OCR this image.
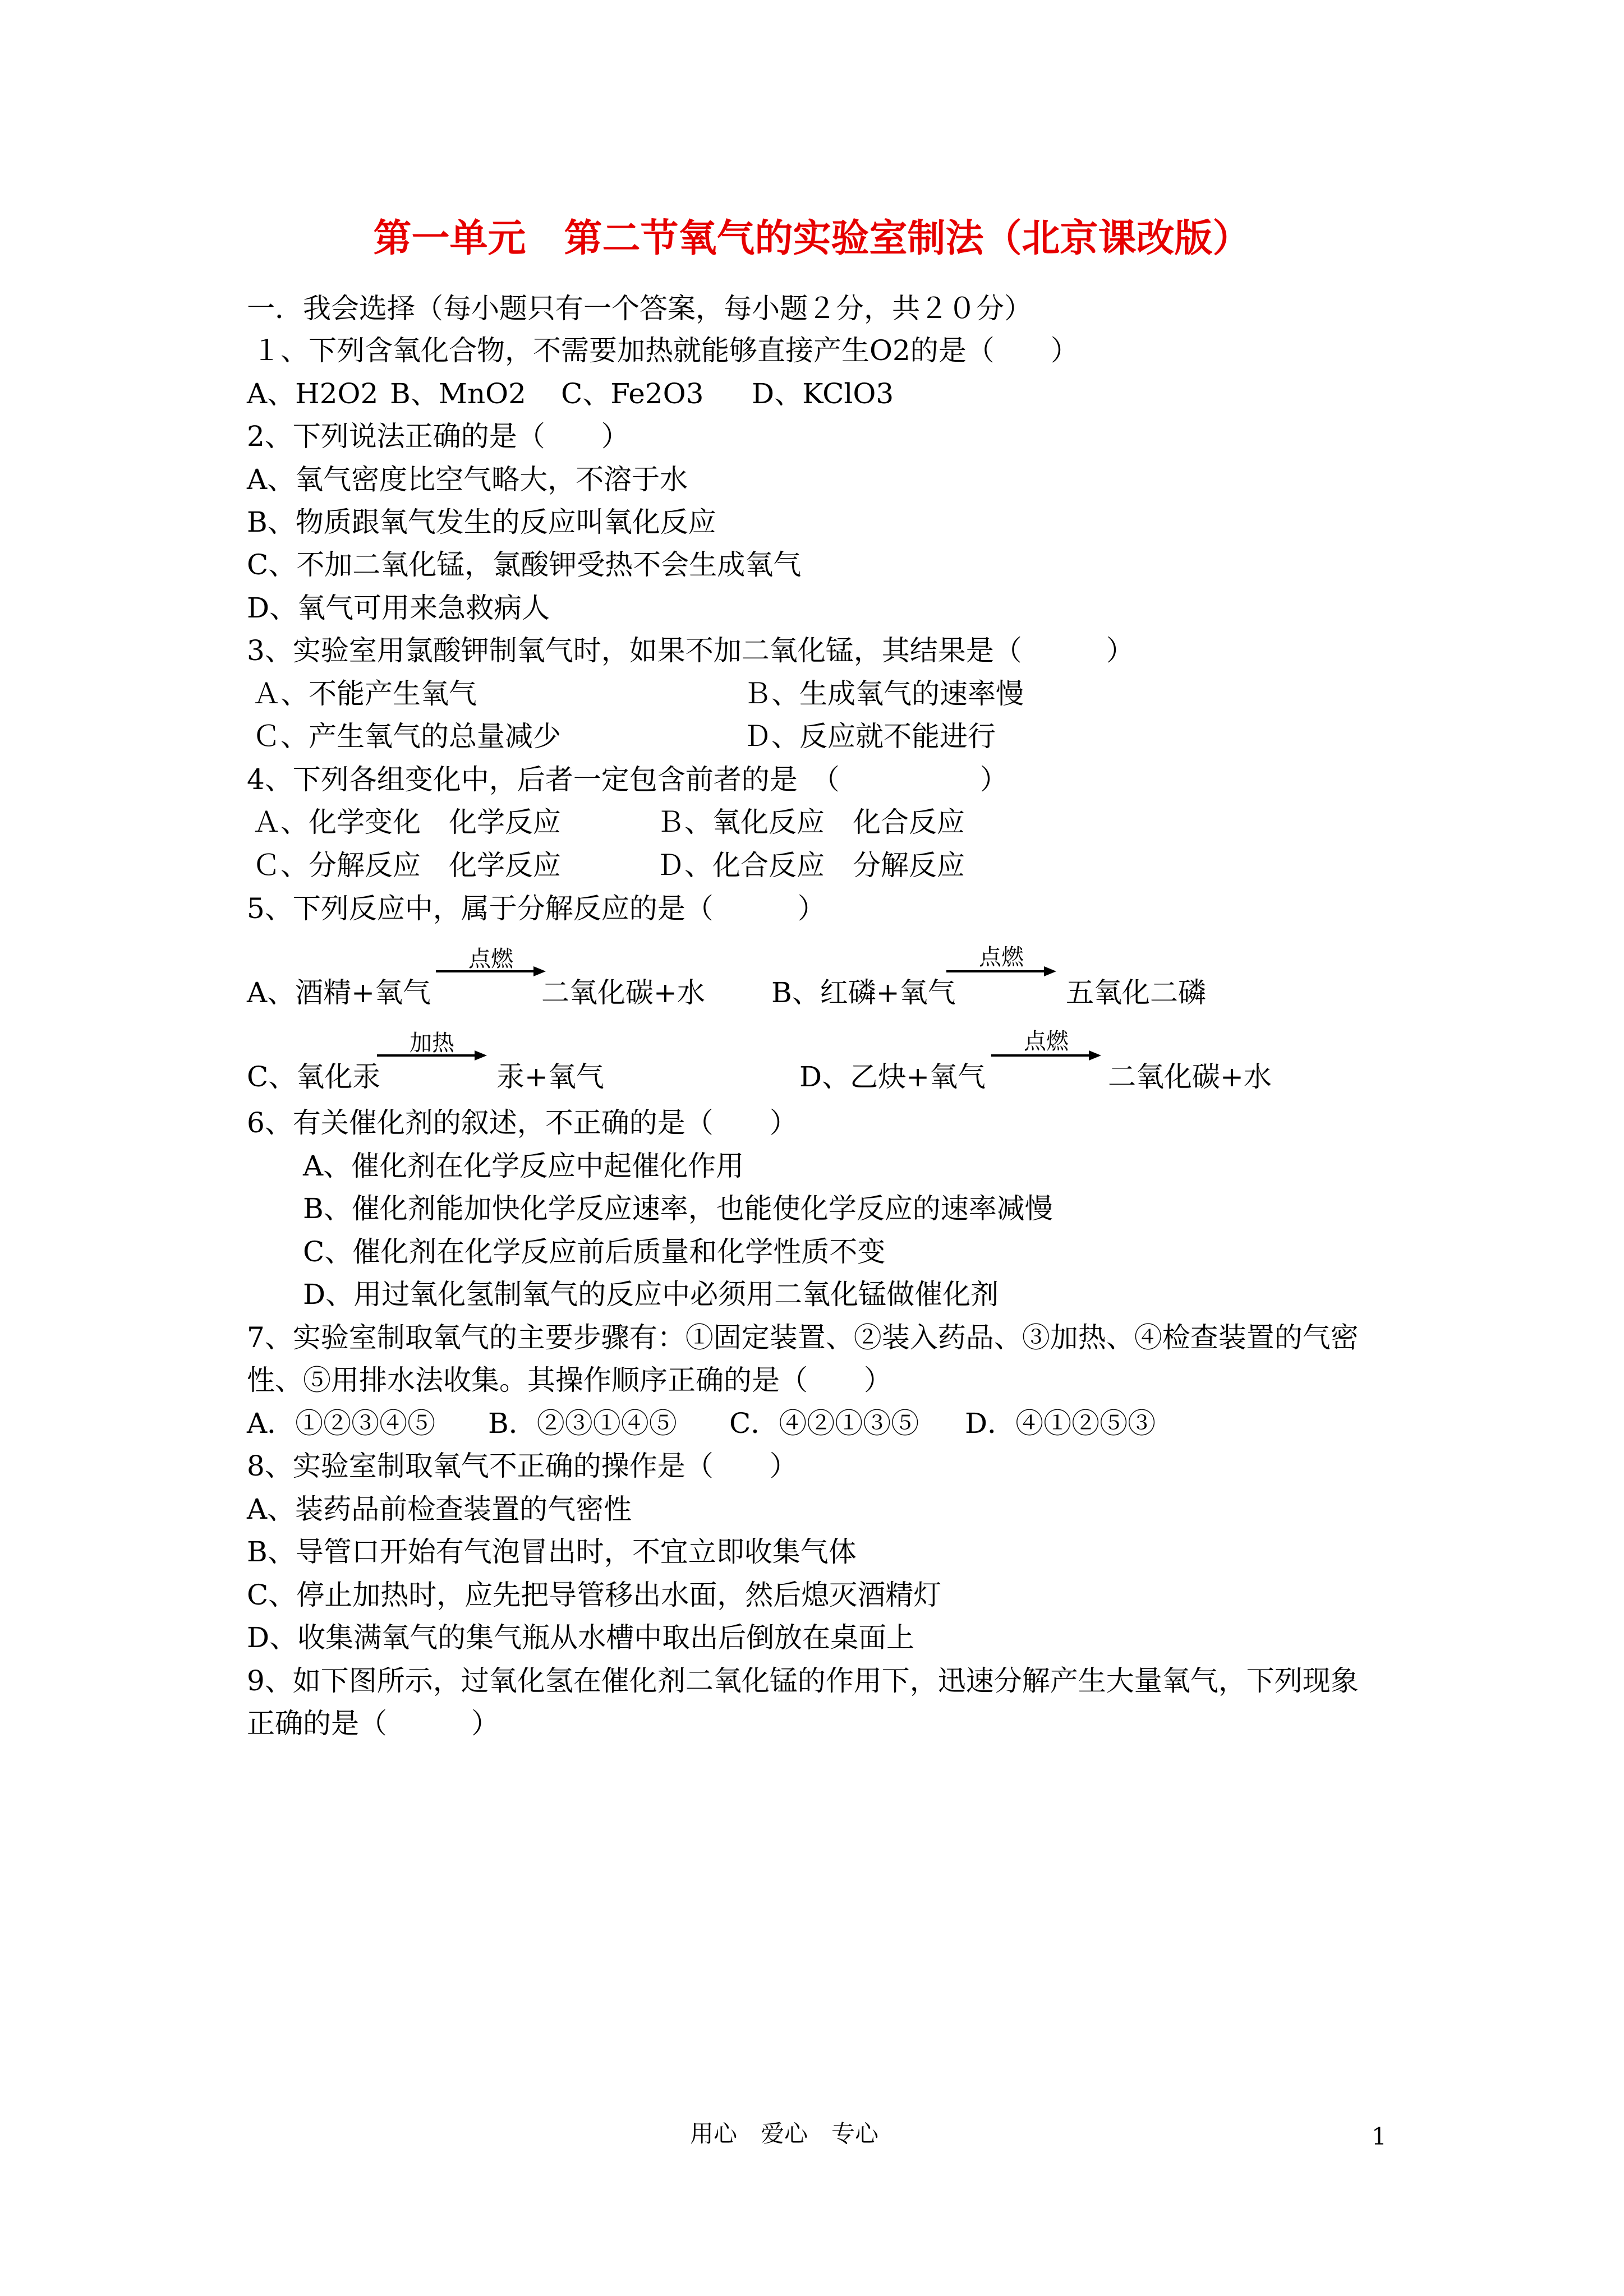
第一单元　第二节氧气的实验室制法（北京课改版）
一．我会选择（每小题只有一个答案，每小题２分，共２０分）
１、下列含氧化合物，不需要加热就能够直接产生O2的是（　　）
A、H2O2 B、MnO2 C、Fe2O3 D、KClO3
2、下列说法正确的是（　　）
A、氧气密度比空气略大，不溶于水
B、物质跟氧气发生的反应叫氧化反应
C、不加二氧化锰，氯酸钾受热不会生成氧气
D、氧气可用来急救病人
3、实验室用氯酸钾制氧气时，如果不加二氧化锰，其结果是（　　　）
Ａ、不能产生氧气	Ｂ、生成氧气的速率慢
Ｃ、产生氧气的总量减少	Ｄ、反应就不能进行
4、下列各组变化中，后者一定包含前者的是　（　　　　　）
Ａ、化学变化　化学反应	Ｂ、氧化反应　化合反应
Ｃ、分解反应　化学反应	Ｄ、化合反应　分解反应
5、下列反应中，属于分解反应的是（　　　）
A、酒精+氧气
点燃
二氧化碳+水 B、红磷+氧气
点燃
五氧化二磷
C、氧化汞
加热
汞+氧气	D、乙炔+氧气
点燃
二氧化碳+水
6、有关催化剂的叙述，不正确的是（　　）
A、催化剂在化学反应中起催化作用
B、催化剂能加快化学反应速率，也能使化学反应的速率减慢
C、催化剂在化学反应前后质量和化学性质不变
D、用过氧化氢制氧气的反应中必须用二氧化锰做催化剂
7、实验室制取氧气的主要步骤有：①固定装置、②装入药品、③加热、④检查装置的气密
性、⑤用排水法收集。其操作顺序正确的是（　　）
A．①②③④⑤ B．②③①④⑤ C．④②①③⑤ D．④①②⑤③
8、实验室制取氧气不正确的操作是（　　）
A、装药品前检查装置的气密性
B、导管口开始有气泡冒出时，不宜立即收集气体
C、停止加热时，应先把导管移出水面，然后熄灭酒精灯
D、收集满氧气的集气瓶从水槽中取出后倒放在桌面上
9、如下图所示，过氧化氢在催化剂二氧化锰的作用下，迅速分解产生大量氧气，下列现象
正确的是（　　　）
用心　爱心　专心	1
